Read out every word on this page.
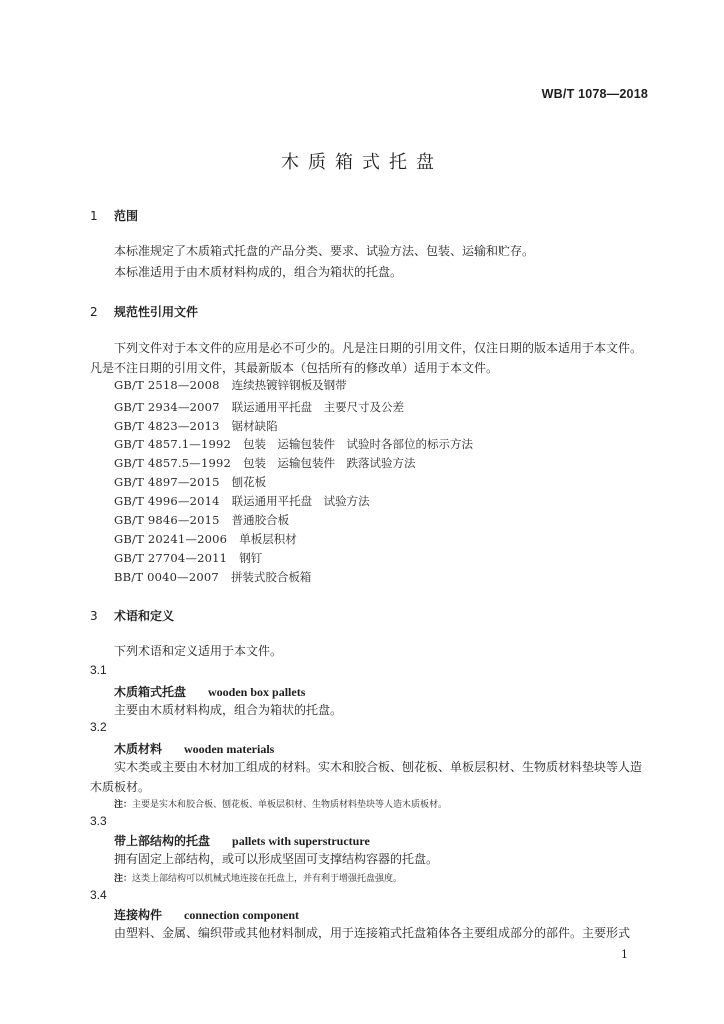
WB/T 1078—2018
木质箱式托盘
1 范围
本标准规定了木质箱式托盘的产品分类、要求、试验方法、包装、运输和贮存。
本标准适用于由木质材料构成的，组合为箱状的托盘。
2 规范性引用文件
下列文件对于本文件的应用是必不可少的。凡是注日期的引用文件，仅注日期的版本适用于本文件。凡是不注日期的引用文件，其最新版本（包括所有的修改单）适用于本文件。
GB/T 2518—2008 连续热镀锌钢板及钢带
GB/T 2934—2007 联运通用平托盘　主要尺寸及公差
GB/T 4823—2013 锯材缺陷
GB/T 4857.1—1992 包装　运输包装件　试验时各部位的标示方法
GB/T 4857.5—1992 包装　运输包装件　跌落试验方法
GB/T 4897—2015 刨花板
GB/T 4996—2014 联运通用平托盘　试验方法
GB/T 9846—2015 普通胶合板
GB/T 20241—2006 单板层积材
GB/T 27704—2011 钢钉
BB/T 0040—2007 拼装式胶合板箱
3 术语和定义
下列术语和定义适用于本文件。
3.1
木质箱式托盘 wooden box pallets
主要由木质材料构成，组合为箱状的托盘。
3.2
木质材料 wooden materials
实木类或主要由木材加工组成的材料。实木和胶合板、刨花板、单板层积材、生物质材料垫块等人造木质板材。
注：主要是实木和胶合板、刨花板、单板层积材、生物质材料垫块等人造木质板材。
3.3
带上部结构的托盘 pallets with superstructure
拥有固定上部结构，或可以形成坚固可支撑结构容器的托盘。
注：这类上部结构可以机械式地连接在托盘上，并有利于增强托盘强度。
3.4
连接构件 connection component
由塑料、金属、编织带或其他材料制成，用于连接箱式托盘箱体各主要组成部分的部件。主要形式
1
